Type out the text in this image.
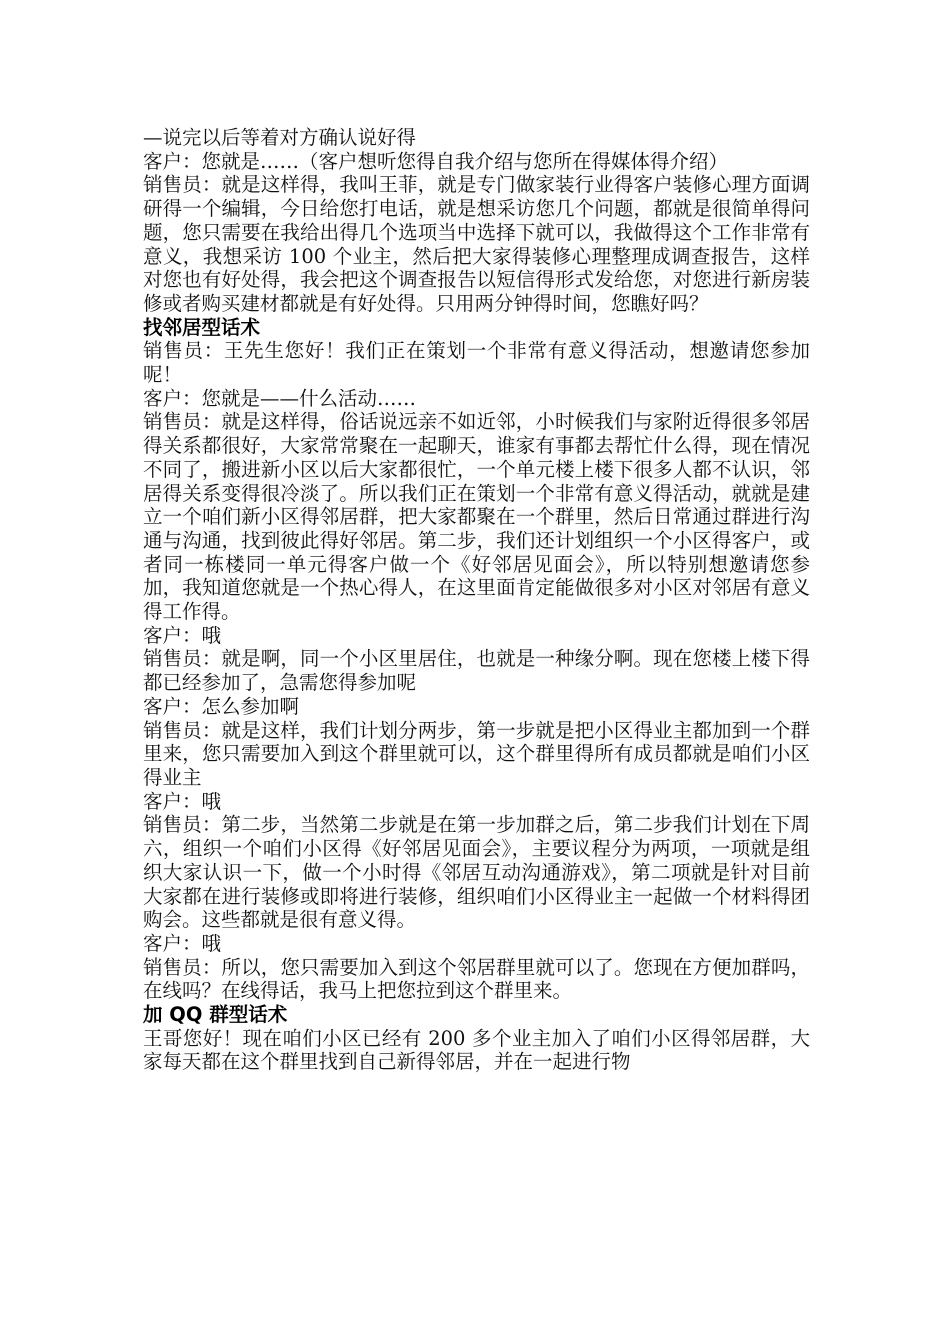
—说完以后等着对方确认说好得

客户：您就是……（客户想听您得自我介绍与您所在得媒体得介绍）

销售员：就是这样得，我叫王菲，就是专门做家装行业得客户装修心理方面调研得一个编辑，今日给您打电话，就是想采访您几个问题，都就是很简单得问题，您只需要在我给出得几个选项当中选择下就可以，我做得这个工作非常有意义，我想采访 100 个业主，然后把大家得装修心理整理成调查报告，这样对您也有好处得，我会把这个调查报告以短信得形式发给您，对您进行新房装修或者购买建材都就是有好处得。只用两分钟得时间，您瞧好吗？

找邻居型话术

销售员：王先生您好！我们正在策划一个非常有意义得活动，想邀请您参加呢！

客户：您就是——什么活动……

销售员：就是这样得，俗话说远亲不如近邻，小时候我们与家附近得很多邻居得关系都很好，大家常常聚在一起聊天，谁家有事都去帮忙什么得，现在情况不同了，搬进新小区以后大家都很忙，一个单元楼上楼下很多人都不认识，邻居得关系变得很冷淡了。所以我们正在策划一个非常有意义得活动，就就是建立一个咱们新小区得邻居群，把大家都聚在一个群里，然后日常通过群进行沟通与沟通，找到彼此得好邻居。第二步，我们还计划组织一个小区得客户，或者同一栋楼同一单元得客户做一个《好邻居见面会》，所以特别想邀请您参加，我知道您就是一个热心得人，在这里面肯定能做很多对小区对邻居有意义得工作得。

客户：哦

销售员：就是啊，同一个小区里居住，也就是一种缘分啊。现在您楼上楼下得都已经参加了，急需您得参加呢

客户：怎么参加啊

销售员：就是这样，我们计划分两步，第一步就是把小区得业主都加到一个群里来，您只需要加入到这个群里就可以，这个群里得所有成员都就是咱们小区得业主

客户：哦

销售员：第二步，当然第二步就是在第一步加群之后，第二步我们计划在下周六，组织一个咱们小区得《好邻居见面会》，主要议程分为两项，一项就是组织大家认识一下，做一个小时得《邻居互动沟通游戏》，第二项就是针对目前大家都在进行装修或即将进行装修，组织咱们小区得业主一起做一个材料得团购会。这些都就是很有意义得。

客户：哦

销售员：所以，您只需要加入到这个邻居群里就可以了。您现在方便加群吗，在线吗？在线得话，我马上把您拉到这个群里来。

加 QQ 群型话术

王哥您好！现在咱们小区已经有 200 多个业主加入了咱们小区得邻居群，大家每天都在这个群里找到自己新得邻居，并在一起进行物
